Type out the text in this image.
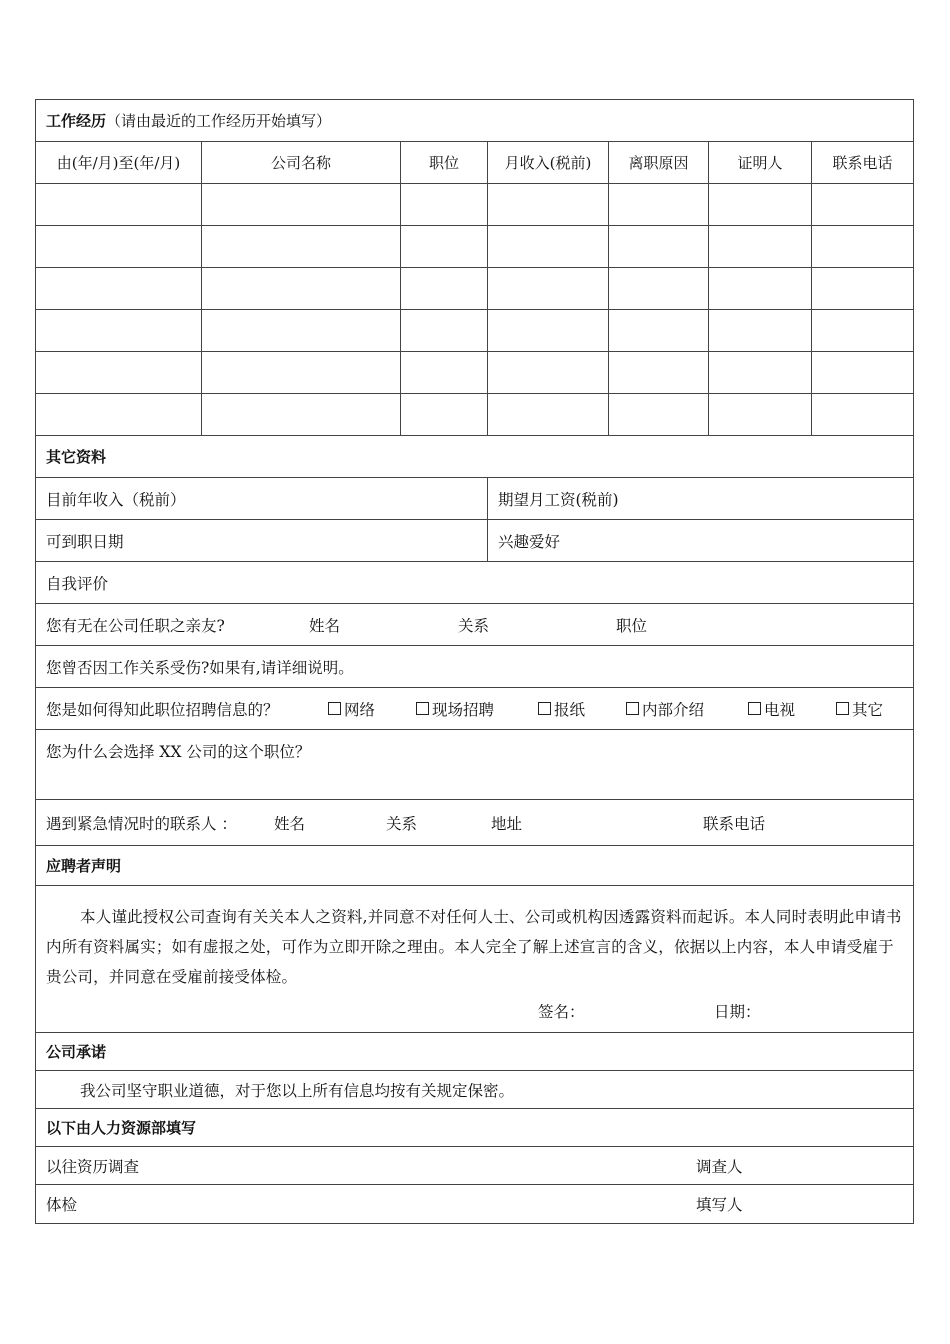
工作经历 （请由最近的工作经历开始填写）
由(年/月)至(年/月)	公司名称	职位	月收入(税前)	离职原因	证明人	联系电话
其它资料
目前年收入（税前）	期望月工资(税前)
可到职日期	兴趣爱好
自我评价
您有无在公司任职之亲友?	姓名	关系	职位
您曾否因工作关系受伤?如果有,请详细说明。
您是如何得知此职位招聘信息的？	网络	现场招聘	报纸	内部介绍	电视	其它
您为什么会选择 XX 公司的这个职位？
遇到紧急情况时的联系人 ： 姓名	关系	地址	联系电话
应聘者声明
本人谨此授权公司查询有关关本人之资料,并同意不对任何人士、公司或机构因透露资料而起诉。本人同时表明此申请书内所有资料属实；如有虚报之处，可作为立即开除之理由。本人完全了解上述宣言的含义，依据以上内容，本人申请受雇于贵公司，并同意在受雇前接受体检。
签名：	日期：
公司承诺
我公司坚守职业道德，对于您以上所有信息均按有关规定保密。
以下由人力资源部填写
以往资历调查	调查人
体检	填写人
